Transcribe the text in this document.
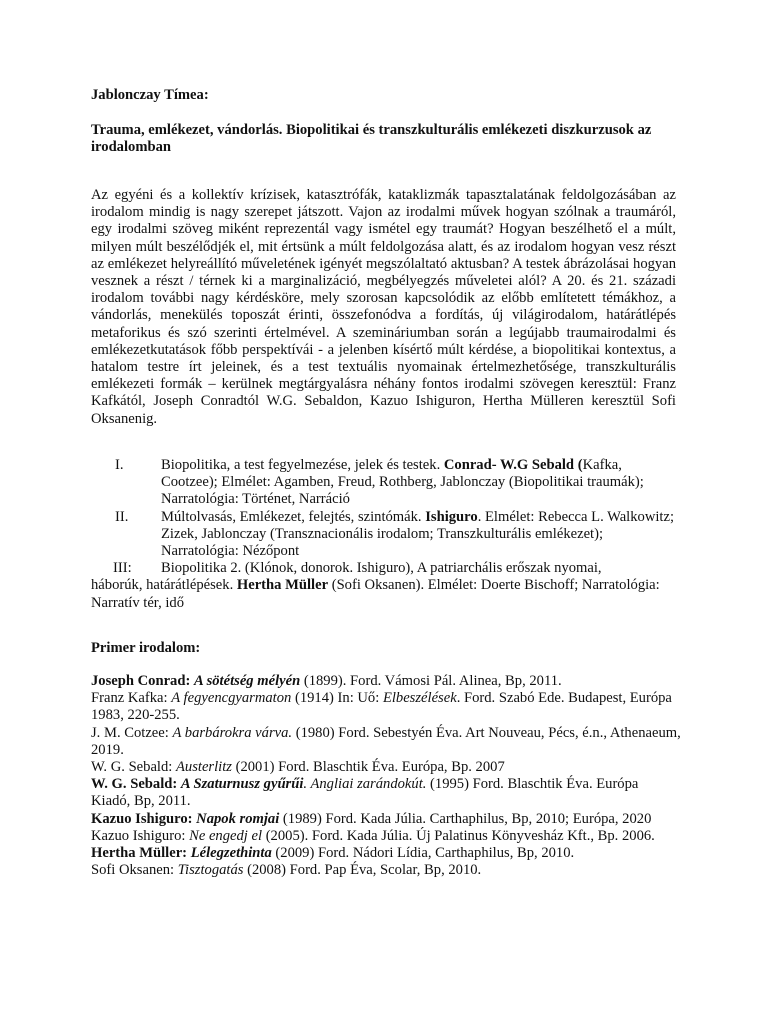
Jablonczay Tímea:
Trauma, emlékezet, vándorlás. Biopolitikai és transzkulturális emlékezeti diszkurzusok az irodalomban
Az egyéni és a kollektív krízisek, katasztrófák, kataklizmák tapasztalatának feldolgozásában az irodalom mindig is nagy szerepet játszott. Vajon az irodalmi művek hogyan szólnak a traumáról, egy irodalmi szöveg miként reprezentál vagy ismétel egy traumát? Hogyan beszélhető el a múlt, milyen múlt beszélődjék el, mit értsünk a múlt feldolgozása alatt, és az irodalom hogyan vesz részt az emlékezet helyreállító műveletének igényét megszólaltató aktusban? A testek ábrázolásai hogyan vesznek a részt / térnek ki a marginalizáció, megbélyegzés műveletei alól? A 20. és 21. századi irodalom további nagy kérdésköre, mely szorosan kapcsolódik az előbb említetett témákhoz, a vándorlás, menekülés toposzát érinti, összefonódva a fordítás, új világirodalom, határátlépés metaforikus és szó szerinti értelmével. A szemináriumban során a legújabb traumairodalmi és emlékezetkutatások főbb perspektívái - a jelenben kísértő múlt kérdése, a biopolitikai kontextus, a hatalom testre írt jeleinek, és a test textuális nyomainak értelmezhetősége, transzkulturális emlékezeti formák – kerülnek megtárgyalásra néhány fontos irodalmi szövegen keresztül: Franz Kafkától, Joseph Conradtól W.G. Sebaldon, Kazuo Ishiguron, Hertha Mülleren keresztül Sofi Oksanenig.
I.	Biopolitika, a test fegyelmezése, jelek és testek. Conrad- W.G Sebald (Kafka, Cootzee); Elmélet: Agamben, Freud, Rothberg, Jablonczay (Biopolitikai traumák); Narratológia: Történet, Narráció
II. Múltolvasás, Emlékezet, felejtés, szintómák. Ishiguro. Elmélet: Rebecca L. Walkowitz; Zizek, Jablonczay (Transznacionális irodalom; Transzkulturális emlékezet); Narratológia: Nézőpont
III: Biopolitika 2. (Klónok, donorok. Ishiguro), A patriarchális erőszak nyomai,
háborúk, határátlépések. Hertha Müller (Sofi Oksanen). Elmélet: Doerte Bischoff; Narratológia: Narratív tér, idő
Primer irodalom:

Joseph Conrad: A sötétség mélyén (1899). Ford. Vámosi Pál. Alinea, Bp, 2011.

Franz Kafka: A fegyencgyarmaton (1914) In: Uő: Elbeszélések. Ford. Szabó Ede. Budapest, Európa 1983, 220-255.

J. M. Cotzee: A barbárokra várva. (1980) Ford. Sebestyén Éva. Art Nouveau, Pécs, é.n., Athenaeum, 2019.

W. G. Sebald: Austerlitz (2001) Ford. Blaschtik Éva. Európa, Bp. 2007

W. G. Sebald: A Szaturnusz gyűrűi. Angliai zarándokút. (1995) Ford. Blaschtik Éva. Európa Kiadó, Bp, 2011.

Kazuo Ishiguro: Napok romjai (1989) Ford. Kada Júlia. Carthaphilus, Bp, 2010; Európa, 2020

Kazuo Ishiguro: Ne engedj el (2005). Ford. Kada Júlia. Új Palatinus Könyvesház Kft., Bp. 2006.

Hertha Müller: Lélegzethinta (2009) Ford. Nádori Lídia, Carthaphilus, Bp, 2010.

Sofi Oksanen: Tisztogatás (2008) Ford. Pap Éva, Scolar, Bp, 2010.
